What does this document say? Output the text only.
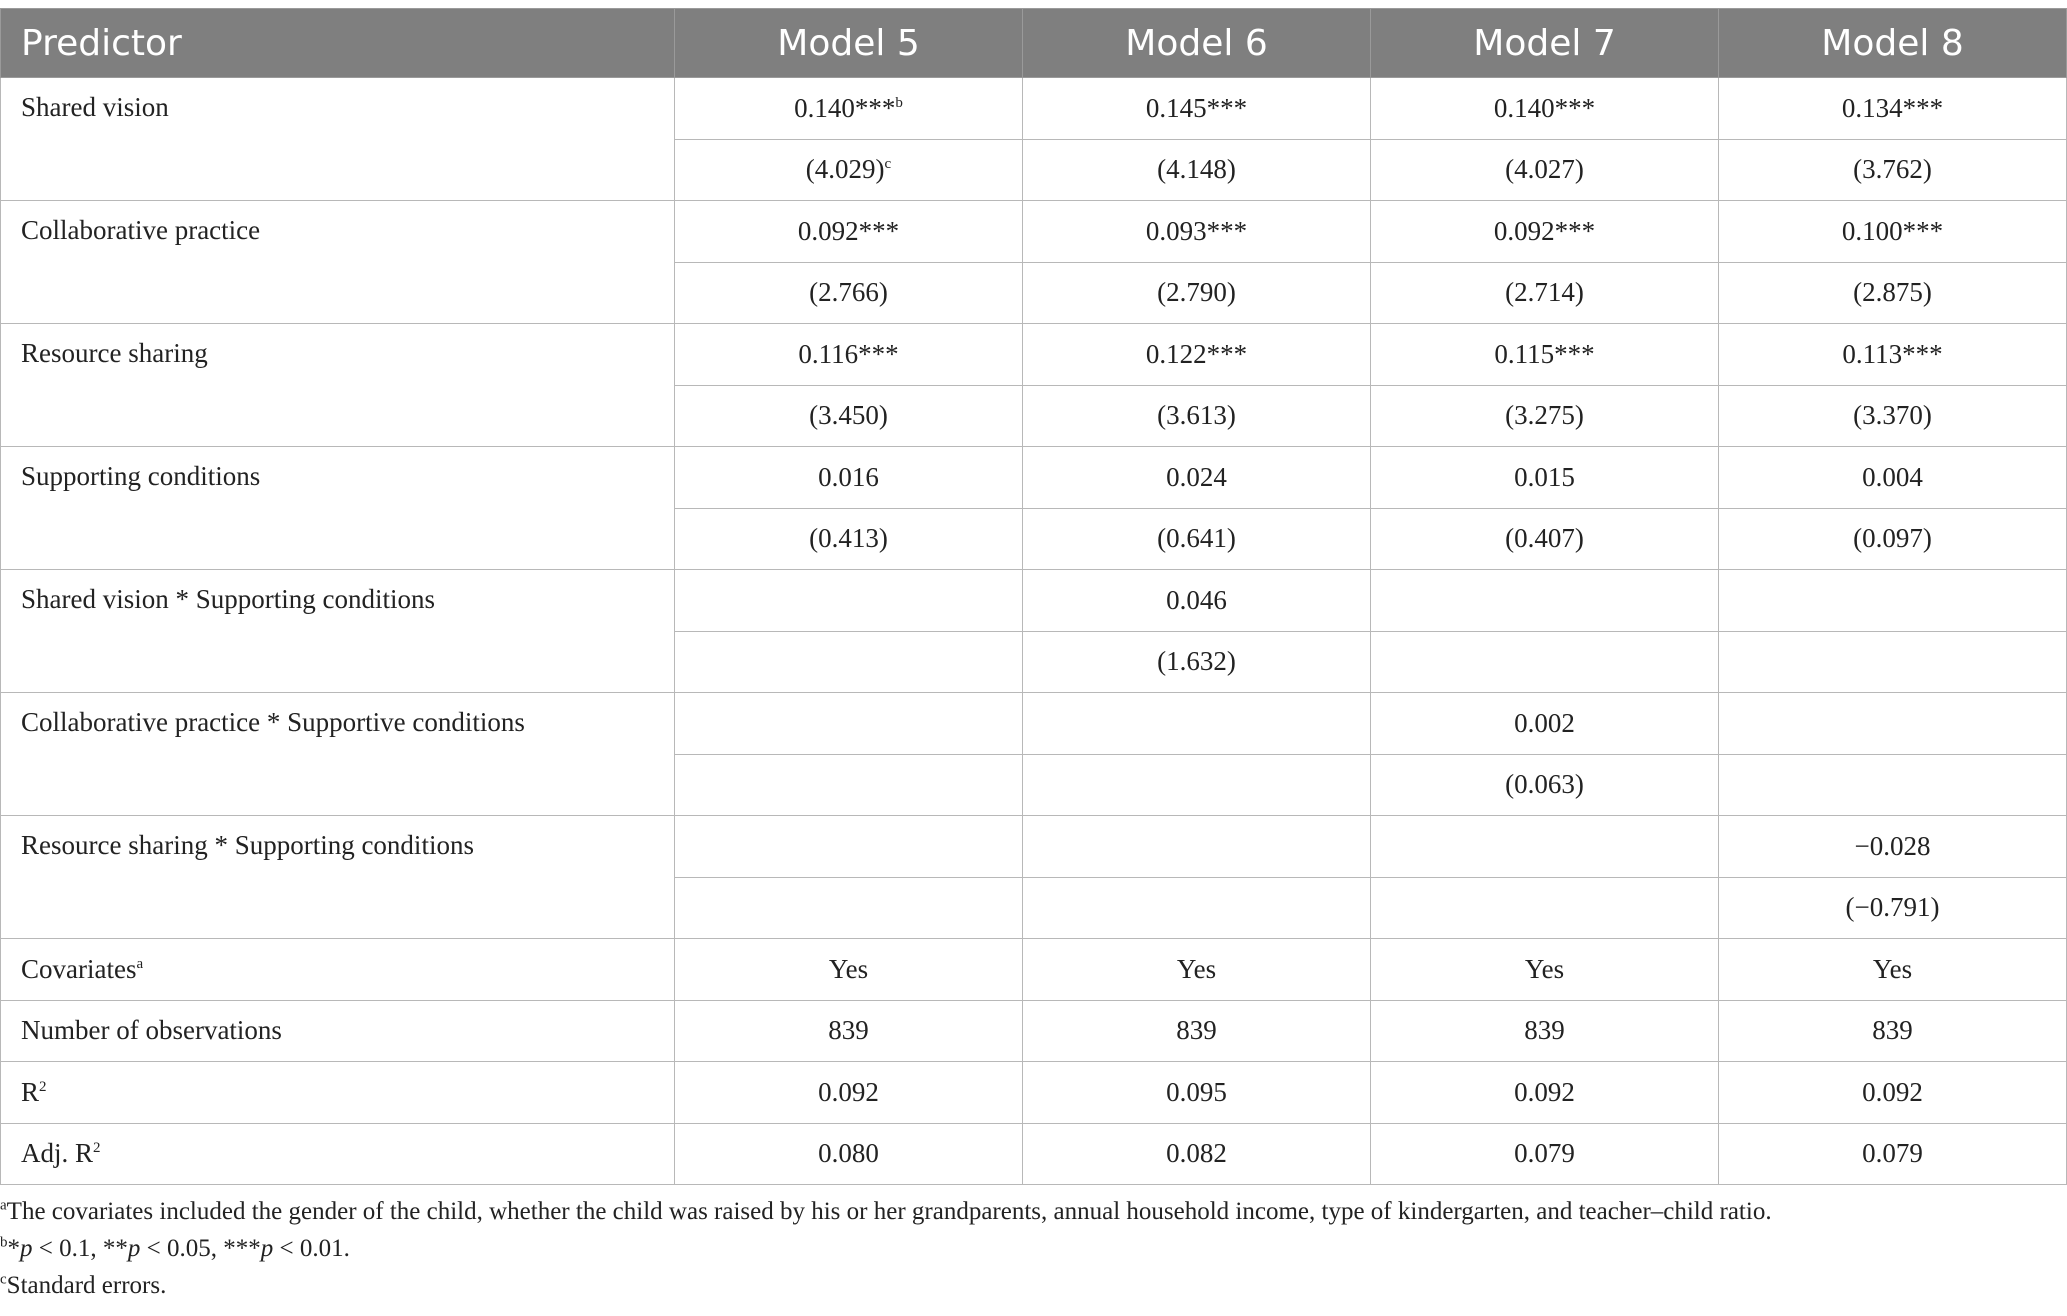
Predictor	Model 5	Model 6	Model 7	Model 8
Shared vision	0.140***$^b$	0.145***	0.140***	0.134***
	$(4.029)^c$	(4.148)	(4.027)	(3.762)
Collaborative practice	0.092***	0.093***	0.092***	0.100***
	(2.766)	(2.790)	(2.714)	(2.875)
Resource sharing	0.116***	0.122***	0.115***	0.113***
	(3.450)	(3.613)	(3.275)	(3.370)
Supporting conditions	0.016	0.024	0.015	0.004
	(0.413)	(0.641)	(0.407)	(0.097)
Shared vision * Supporting conditions		0.046		
		(1.632)		
Collaborative practice * Supportive conditions			0.002	
			(0.063)	
Resource sharing * Supporting conditions				−0.028
				(−0.791)
Covariates$^a$	Yes	Yes	Yes	Yes
Number of observations	839	839	839	839
$R^2$	0.092	0.095	0.092	0.092
Adj. $R^2$	0.080	0.082	0.079	0.079

$^a$The covariates included the gender of the child, whether the child was raised by his or her grandparents, annual household income, type of kindergarten, and teacher–child ratio.

$^b$*p < 0.1, **p < 0.05, ***p < 0.01.

$^c$Standard errors.
